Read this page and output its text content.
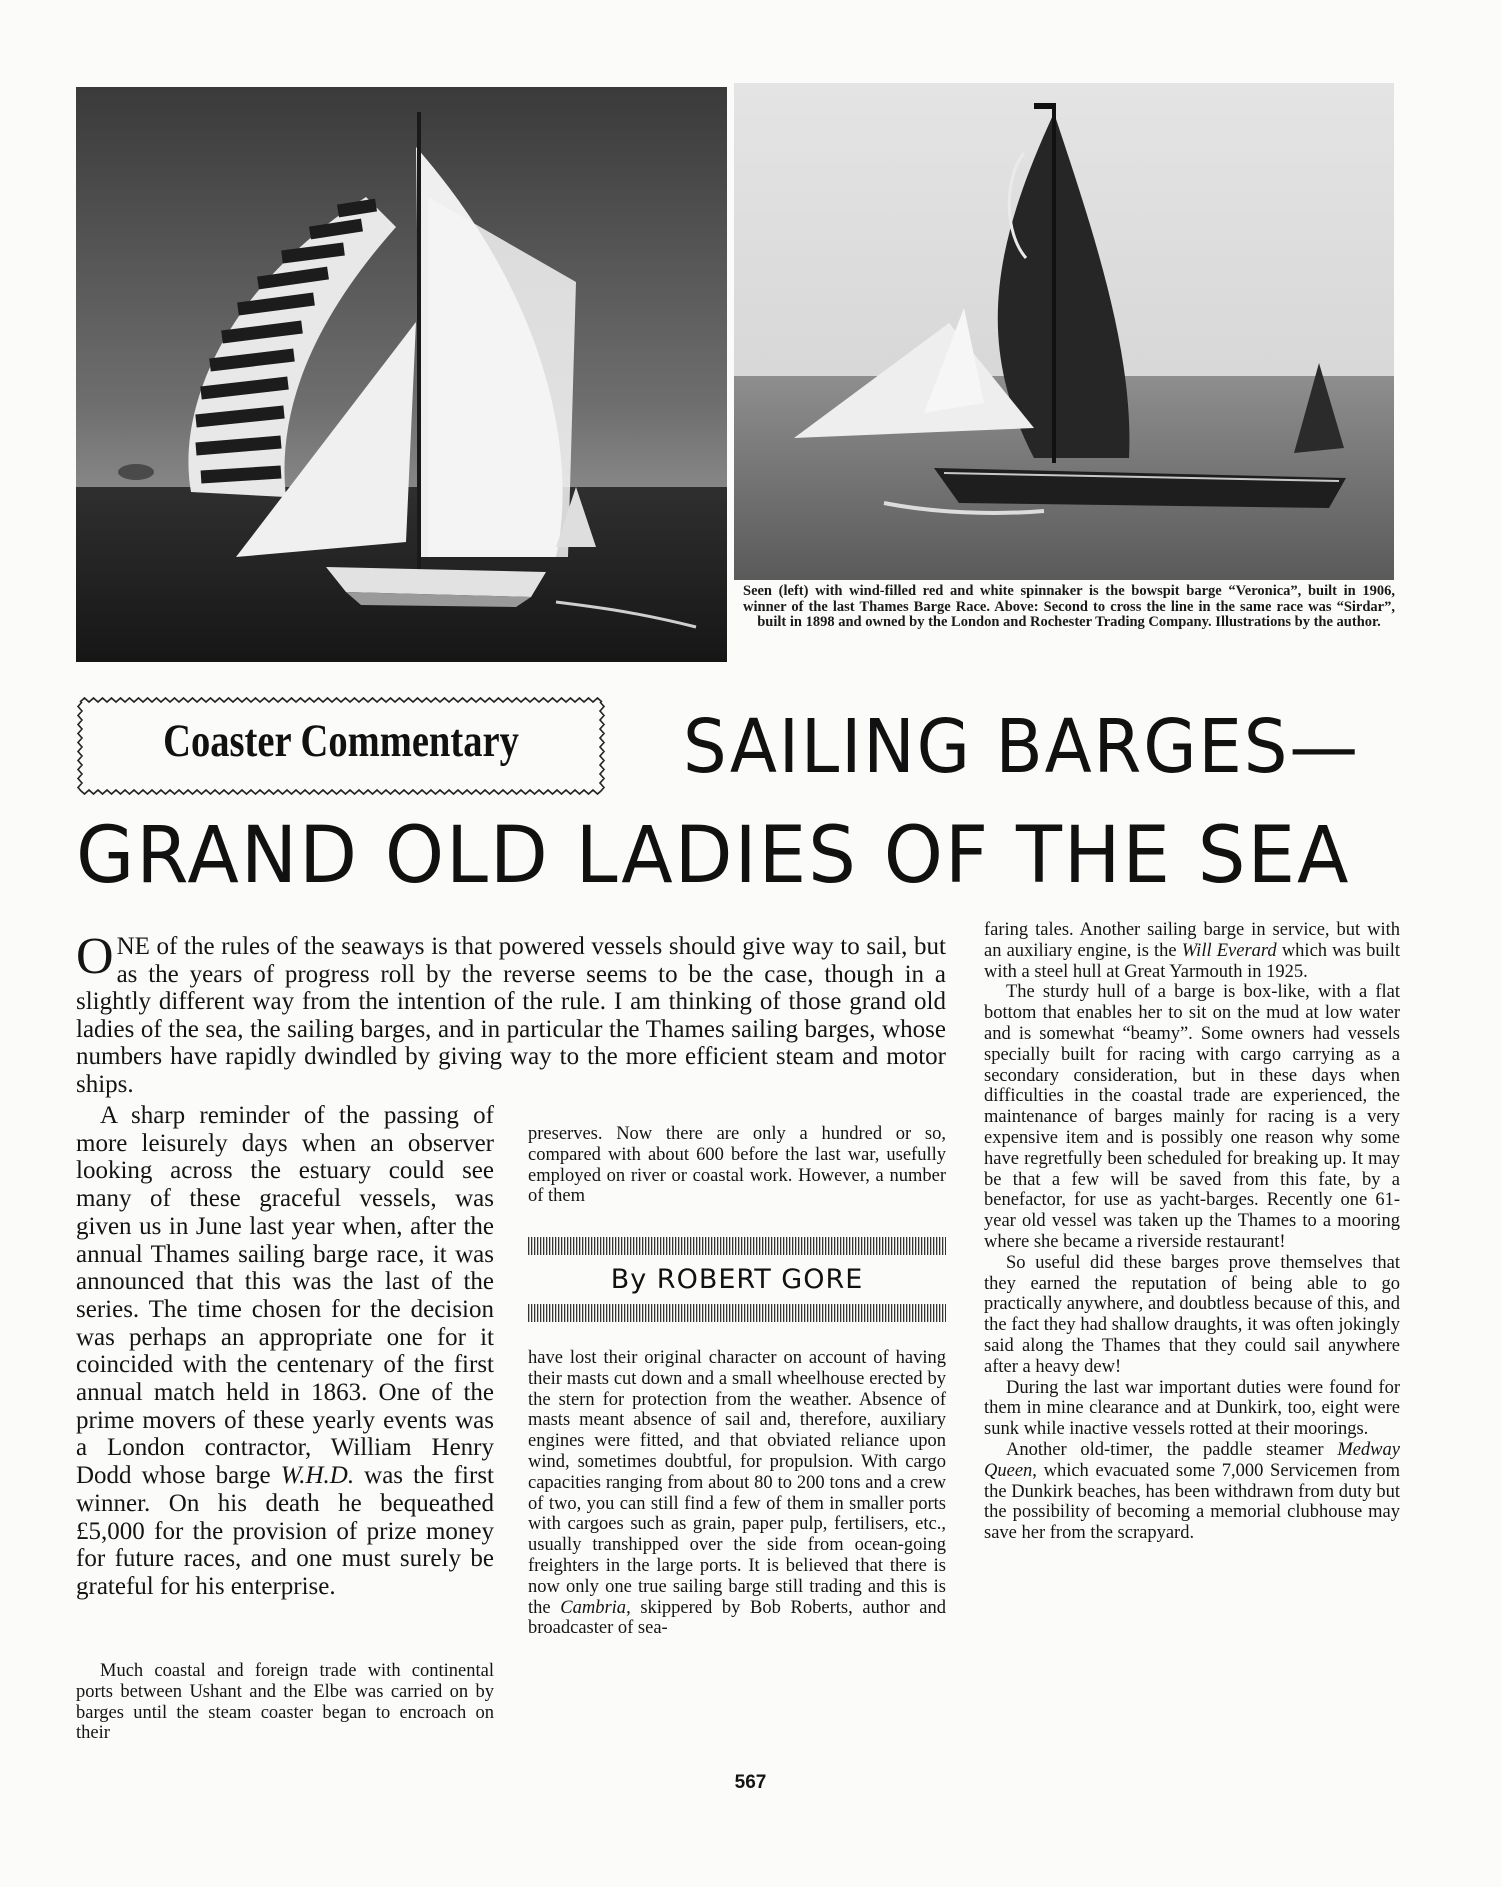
Seen (left) with wind-filled red and white spinnaker is the bowspit barge “Veronica”, built in 1906, winner of the last Thames Barge Race. Above: Second to cross the line in the same race was “Sirdar”, built in 1898 and owned by the London and Rochester Trading Company. Illustrations by the author.
Coaster Commentary	SAILING BARGES—
GRAND OLD LADIES OF THE SEA
ONE of the rules of the seaways is that powered vessels should give way to sail, but as the years of progress roll by the reverse seems to be the case, though in a slightly different way from the intention of the rule. I am thinking of those grand old ladies of the sea, the sailing barges, and in particular the Thames sailing barges, whose numbers have rapidly dwindled by giving way to the more efficient steam and motor ships.

A sharp reminder of the passing of more leisurely days when an observer looking across the estuary could see many of these graceful vessels, was given us in June last year when, after the annual Thames sailing barge race, it was announced that this was the last of the series. The time chosen for the decision was perhaps an appropriate one for it coincided with the centenary of the first annual match held in 1863. One of the prime movers of these yearly events was a London contractor, William Henry Dodd whose barge W.H.D. was the first winner. On his death he bequeathed £5,000 for the provision of prize money for future races, and one must surely be grateful for his enterprise.

Much coastal and foreign trade with continental ports between Ushant and the Elbe was carried on by barges until the steam coaster began to encroach on their
preserves. Now there are only a hundred or so, compared with about 600 before the last war, usefully employed on river or coastal work. However, a number of them
By ROBERT GORE
have lost their original character on account of having their masts cut down and a small wheelhouse erected by the stern for protection from the weather. Absence of masts meant absence of sail and, therefore, auxiliary engines were fitted, and that obviated reliance upon wind, sometimes doubtful, for propulsion. With cargo capacities ranging from about 80 to 200 tons and a crew of two, you can still find a few of them in smaller ports with cargoes such as grain, paper pulp, fertilisers, etc., usually transhipped over the side from ocean-going freighters in the large ports. It is believed that there is now only one true sailing barge still trading and this is the Cambria, skippered by Bob Roberts, author and broadcaster of sea-

faring tales. Another sailing barge in service, but with an auxiliary engine, is the Will Everard which was built with a steel hull at Great Yarmouth in 1925.

The sturdy hull of a barge is box-like, with a flat bottom that enables her to sit on the mud at low water and is somewhat “beamy”. Some owners had vessels specially built for racing with cargo carrying as a secondary consideration, but in these days when difficulties in the coastal trade are experienced, the maintenance of barges mainly for racing is a very expensive item and is possibly one reason why some have regretfully been scheduled for breaking up. It may be that a few will be saved from this fate, by a benefactor, for use as yacht-barges. Recently one 61-year old vessel was taken up the Thames to a mooring where she became a riverside restaurant!

So useful did these barges prove themselves that they earned the reputation of being able to go practically anywhere, and doubtless because of this, and the fact they had shallow draughts, it was often jokingly said along the Thames that they could sail anywhere after a heavy dew!

During the last war important duties were found for them in mine clearance and at Dunkirk, too, eight were sunk while inactive vessels rotted at their moorings.

Another old-timer, the paddle steamer Medway Queen, which evacuated some 7,000 Servicemen from the Dunkirk beaches, has been withdrawn from duty but the possibility of becoming a memorial clubhouse may save her from the scrapyard.

567
